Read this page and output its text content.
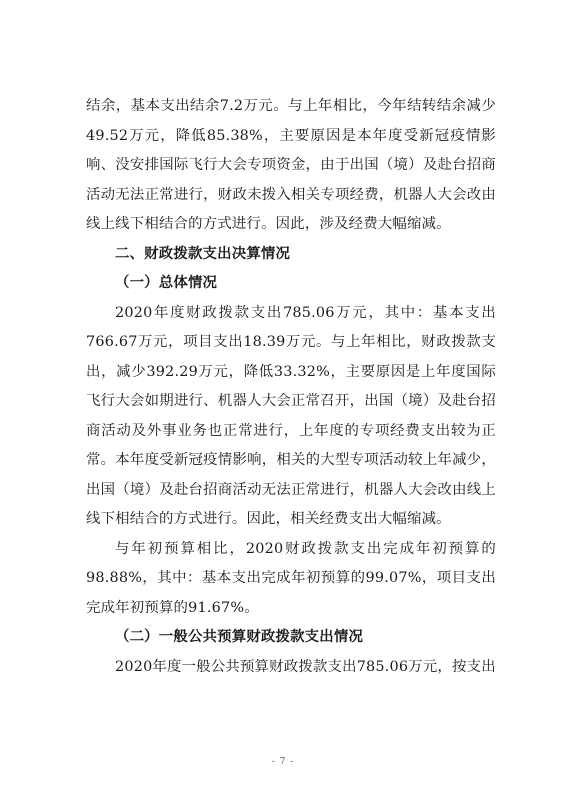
结余，基本支出结余7.2万元。与上年相比，今年结转结余减少49.52万元，降低85.38%，主要原因是本年度受新冠疫情影响、没安排国际飞行大会专项资金，由于出国（境）及赴台招商活动无法正常进行，财政未拨入相关专项经费，机器人大会改由线上线下相结合的方式进行。因此，涉及经费大幅缩减。

二、财政拨款支出决算情况

（一）总体情况

2020年度财政拨款支出785.06万元，其中：基本支出766.67万元，项目支出18.39万元。与上年相比，财政拨款支出，减少392.29万元，降低33.32%，主要原因是上年度国际飞行大会如期进行、机器人大会正常召开，出国（境）及赴台招商活动及外事业务也正常进行，上年度的专项经费支出较为正常。本年度受新冠疫情影响，相关的大型专项活动较上年减少，出国（境）及赴台招商活动无法正常进行，机器人大会改由线上线下相结合的方式进行。因此，相关经费支出大幅缩减。

与年初预算相比，2020财政拨款支出完成年初预算的98.88%，其中：基本支出完成年初预算的99.07%，项目支出完成年初预算的91.67%。

（二）一般公共预算财政拨款支出情况

2020年度一般公共预算财政拨款支出785.06万元，按支出

- 7 -
